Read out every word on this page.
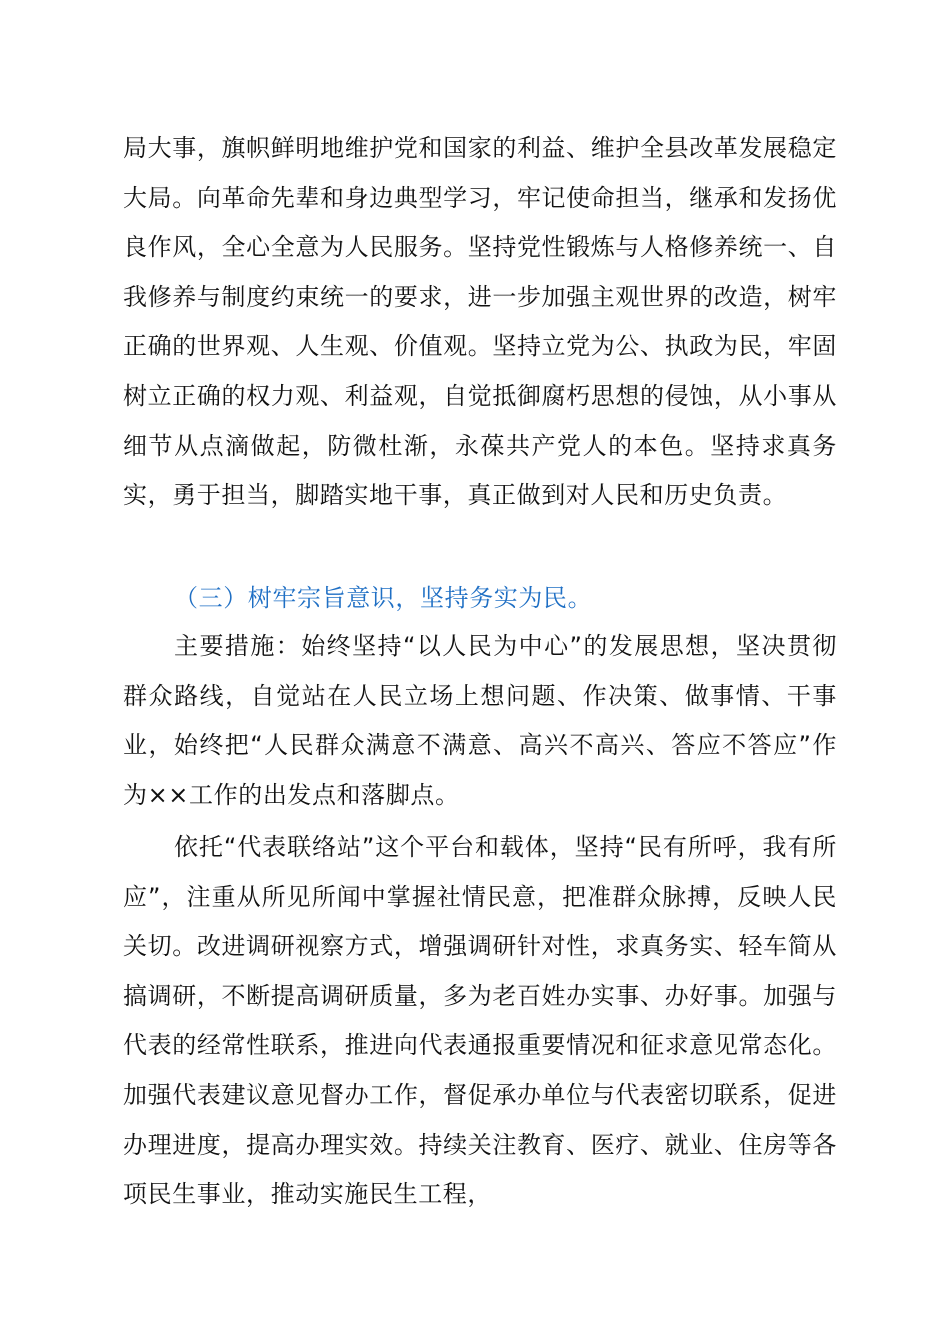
局大事，旗帜鲜明地维护党和国家的利益、维护全县改革发展稳定大局。向革命先辈和身边典型学习，牢记使命担当，继承和发扬优良作风，全心全意为人民服务。坚持党性锻炼与人格修养统一、自我修养与制度约束统一的要求，进一步加强主观世界的改造，树牢正确的世界观、人生观、价值观。坚持立党为公、执政为民，牢固树立正确的权力观、利益观，自觉抵御腐朽思想的侵蚀，从小事从细节从点滴做起，防微杜渐，永葆共产党人的本色。坚持求真务实，勇于担当，脚踏实地干事，真正做到对人民和历史负责。

（三）树牢宗旨意识，坚持务实为民。

主要措施：始终坚持“以人民为中心”的发展思想，坚决贯彻群众路线，自觉站在人民立场上想问题、作决策、做事情、干事业，始终把“人民群众满意不满意、高兴不高兴、答应不答应”作为××工作的出发点和落脚点。

依托“代表联络站”这个平台和载体，坚持“民有所呼，我有所应”，注重从所见所闻中掌握社情民意，把准群众脉搏，反映人民关切。改进调研视察方式，增强调研针对性，求真务实、轻车简从搞调研，不断提高调研质量，多为老百姓办实事、办好事。加强与代表的经常性联系，推进向代表通报重要情况和征求意见常态化。加强代表建议意见督办工作，督促承办单位与代表密切联系，促进办理进度，提高办理实效。持续关注教育、医疗、就业、住房等各项民生事业，推动实施民生工程，
